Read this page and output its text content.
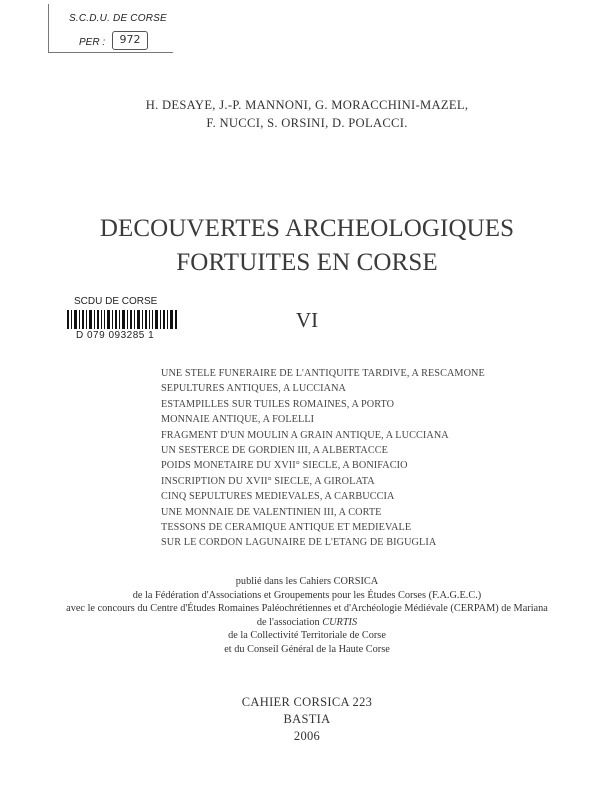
S.C.D.U. DE CORSE
PER :	972
H. DESAYE, J.-P. MANNONI, G. MORACCHINI-MAZEL,
F. NUCCI, S. ORSINI, D. POLACCI.
DECOUVERTES ARCHEOLOGIQUES
FORTUITES EN CORSE
SCDU DE CORSE
D 079 093285 1
VI
UNE STELE FUNERAIRE DE L'ANTIQUITE TARDIVE, A RESCAMONE
SEPULTURES ANTIQUES, A LUCCIANA
ESTAMPILLES SUR TUILES ROMAINES, A PORTO
MONNAIE ANTIQUE, A FOLELLI
FRAGMENT D'UN MOULIN A GRAIN ANTIQUE, A LUCCIANA
UN SESTERCE DE GORDIEN III, A ALBERTACCE
POIDS MONETAIRE DU XVII° SIECLE, A BONIFACIO
INSCRIPTION DU XVII° SIECLE, A GIROLATA
CINQ SEPULTURES MEDIEVALES, A CARBUCCIA
UNE MONNAIE DE VALENTINIEN III, A CORTE
TESSONS DE CERAMIQUE ANTIQUE ET MEDIEVALE
SUR LE CORDON LAGUNAIRE DE L'ETANG DE BIGUGLIA
publié dans les Cahiers CORSICA
de la Fédération d'Associations et Groupements pour les Études Corses (F.A.G.E.C.)
avec le concours du Centre d'Études Romaines Paléochrétiennes et d'Archéologie Médiévale (CERPAM) de Mariana
de l'association CURTIS
de la Collectivité Territoriale de Corse
et du Conseil Général de la Haute Corse
CAHIER CORSICA 223
BASTIA
2006
